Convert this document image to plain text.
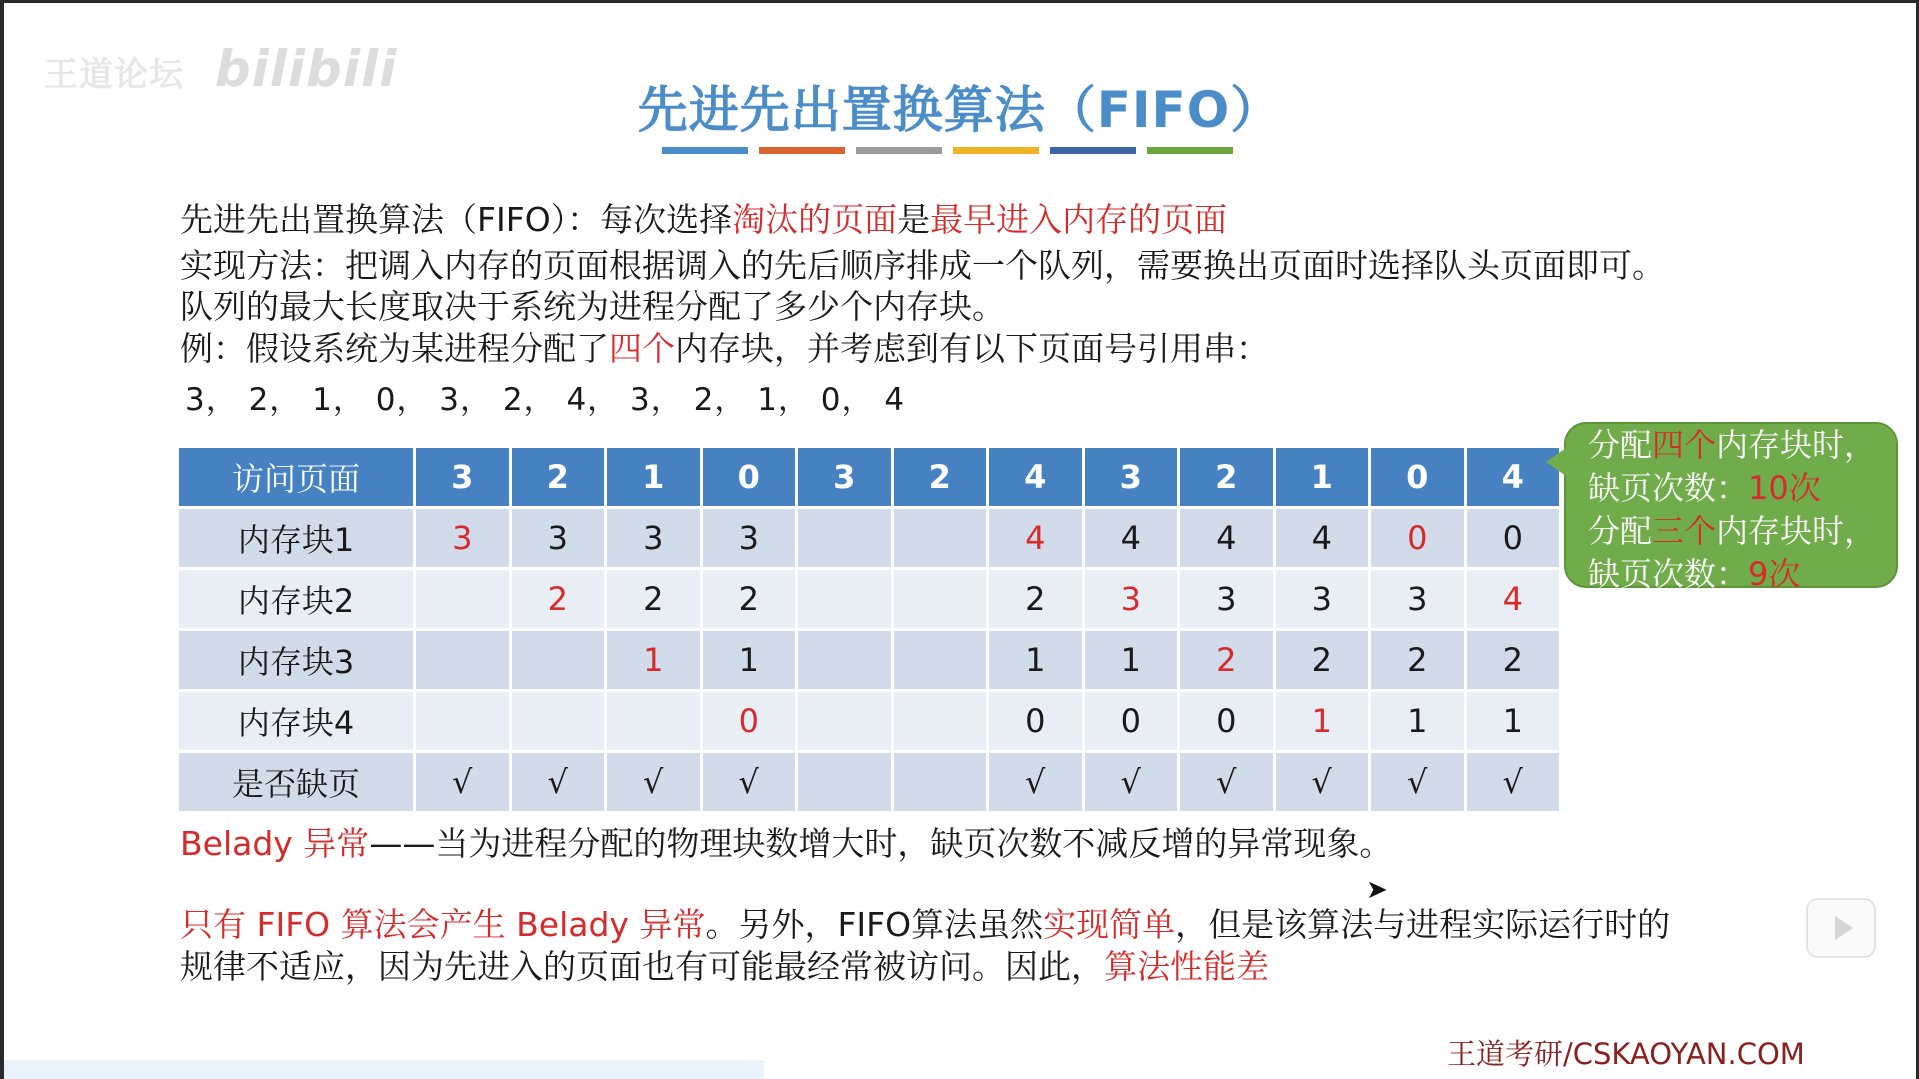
王道论坛 bilibili
先进先出置换算法（FIFO）
先进先出置换算法（FIFO）：每次选择淘汰的页面是最早进入内存的页面
实现方法：把调入内存的页面根据调入的先后顺序排成一个队列，需要换出页面时选择队头页面即可。
队列的最大长度取决于系统为进程分配了多少个内存块。
例：假设系统为某进程分配了四个内存块，并考虑到有以下页面号引用串：
3， 2， 1， 0， 3， 2， 4， 3， 2， 1， 0， 4
访问页面	3	2	1	0	3	2	4	3	2	1	0	4
内存块1	3	3	3	3			4	4	4	4	0	0
内存块2		2	2	2			2	3	3	3	3	4
内存块3			1	1			1	1	2	2	2	2
内存块4				0			0	0	0	1	1	1
是否缺页	√	√	√	√			√	√	√	√	√	√
分配四个内存块时，
缺页次数：10次
分配三个内存块时，
缺页次数：9次
Belady 异常——当为进程分配的物理块数增大时，缺页次数不减反增的异常现象。
只有 FIFO 算法会产生 Belady 异常。另外，FIFO算法虽然实现简单，但是该算法与进程实际运行时的
规律不适应，因为先进入的页面也有可能最经常被访问。因此，算法性能差
➤
王道考研/CSKAOYAN.COM
